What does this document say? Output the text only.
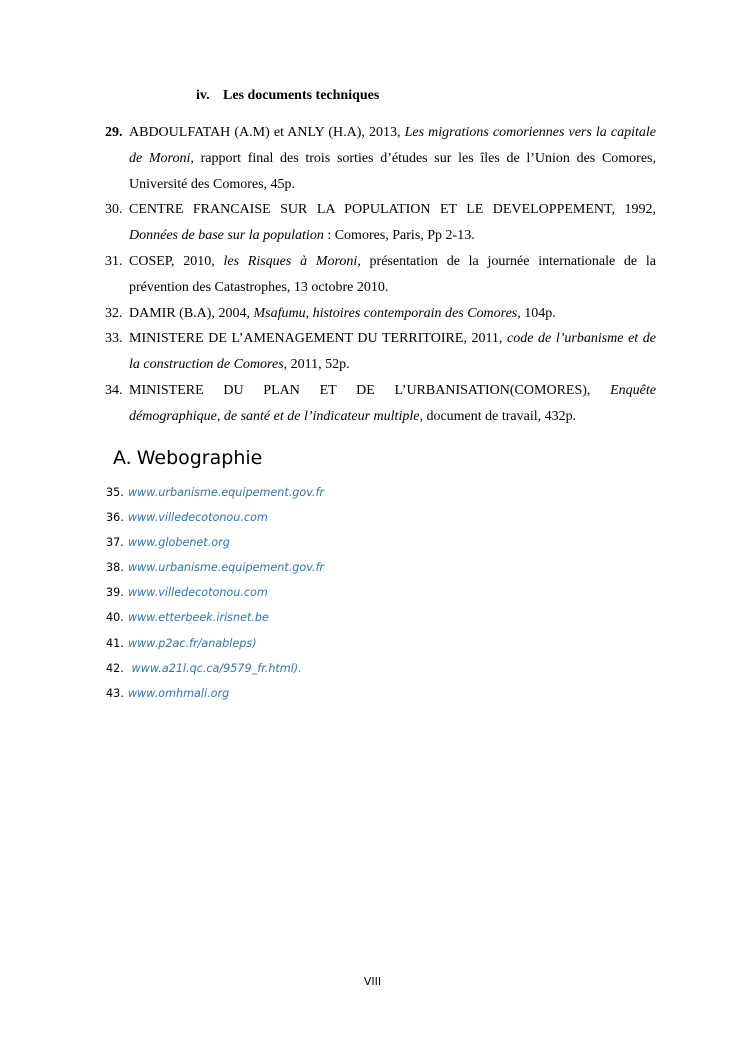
iv. Les documents techniques
29. ABDOULFATAH (A.M) et ANLY (H.A), 2013, Les migrations comoriennes vers la capitale de Moroni, rapport final des trois sorties d’études sur les îles de l’Union des Comores, Université des Comores, 45p.
30. CENTRE FRANCAISE SUR LA POPULATION ET LE DEVELOPPEMENT, 1992, Données de base sur la population : Comores, Paris, Pp 2-13.
31. COSEP, 2010, les Risques à Moroni, présentation de la journée internationale de la prévention des Catastrophes, 13 octobre 2010.
32. DAMIR (B.A), 2004, Msafumu, histoires contemporain des Comores, 104p.
33. MINISTERE DE L’AMENAGEMENT DU TERRITOIRE, 2011, code de l’urbanisme et de la construction de Comores, 2011, 52p.
34. MINISTERE DU PLAN ET DE L’URBANISATION(COMORES), Enquête
démographique, de santé et de l’indicateur multiple, document de travail, 432p.
A. Webographie
35. www.urbanisme.equipement.gov.fr
36. www.villedecotonou.com
37. www.globenet.org
38. www.urbanisme.equipement.gov.fr
39. www.villedecotonou.com
40. www.etterbeek.irisnet.be
41. www.p2ac.fr/anableps)
42. www.a21l.qc.ca/9579_fr.html).
43. www.omhmali.org
VIII
